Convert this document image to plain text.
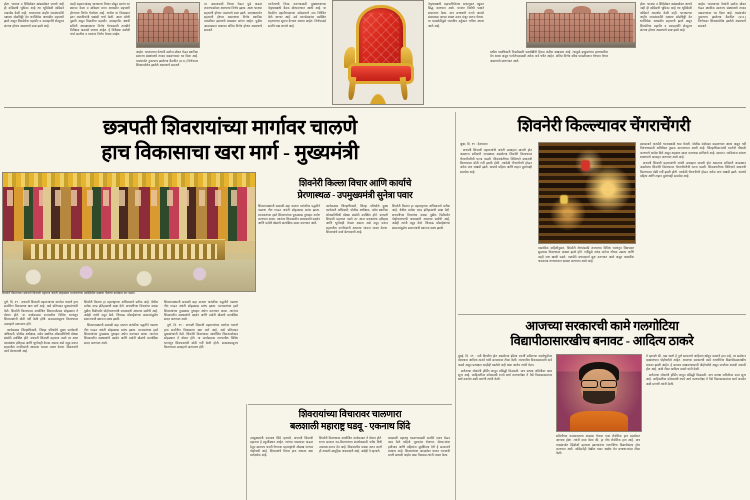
होता. भाजपा व शिंदेंसोबत खांद्यासोबत जायचे नाही ही काँग्रेसची भूमिका आहे त्या भूमिकेशी काँग्रेसने ताडजोड केली नाही. भाजपाच्या जाहीर जनसंपर्कांनी पक्षाला सोडचिठ्ठी देत धनंजिवेक आघाडीत सहभागी झाले असून शिवसेनेचा महापौर व उपमहापौरे शेवटुलर छंटाचा होणार असल्याचे स्पष्ट झाले आहे.

काही सहकाऱ्यांसह भाजपाचा विचार सोडून स्वतंत्र गट स्थापन केला व सविस्तर प्रगत आघाडीत सहभागी होण्याचा निर्णय घेतलेला आहे. गावील या विकासात इतर राजकीयांनी पक्षांशी चर्चा केली. आता कोणी पुढली असून मिळवीचा महापौर, उपमहापौर, स्थायी समिती अध्यक्षपदाचा निर्णय घेण्यासाठी तातडीने निरीक्षक पाठवले जाणार आहेत. हे निरीक्षक सर्वांशी चर्चा करतील व त्यानंतर निर्णय घेतला जाईल.

जाईल. भाजपाच्या नेत्यांनी सर्वांना सोबत घेऊन स्थानिक स्वराज्य संस्थांमध्ये ताकद वाढवण्यावर भर दिला आहे. यासंदर्भात नुकत्याच झालेल्या बैठकीत (प्र.प.) निर्णयावर शिक्कामोर्तब झालेले असल्याचे समजते.

ता. समाजवादी विचार घेऊन पुढे पाऊल टाकण्यासोबत आल्याचा निर्णय झाला. आता भाजपा सहभागी होणार नसल्याचे स्पष्ट झाले. सत्तास्थापनेत सहभागी होणार असल्याचा निर्णय स्थानिक पातळीवर झाल्याचे खासदार सांगत आहेत. पुढील आठवड्यात याबाबत अंतिम निर्णय होणार असल्याचे समजते.

गटनेत्याची निवड करण्यासाठी मुख्यालयाच्या नेतृत्वाखाली बैठक बोलावण्यात आली आहे. या बैठकीत महापौरपदाच्या उमेदवाराचे नाव निश्चित केले जाणार आहे. सर्व नगरसेवकांना उपस्थित राहण्याच्या सूचना देण्यात आल्या आहेत. निर्णयाकडे सर्वांचे लक्ष लागले आहे.

नेतृत्वाखाली महापालिकेच्या सभागृहात बहुमत सिद्ध करण्यात आले. यानंतर विरोधी पक्षाने सभात्याग केला. मात्र सत्ताधारी गटाने आपले संख्याबळ कायम राखत ठराव मंजूर करून घेतला. या घडामोडींमुळे राजकीय वर्तुळात चर्चेला उधाण आले आहे.

मधील पदाधिकारी निवडीसाठी पक्षश्रेष्ठींनी हिरवा कंदील दाखवला आहे. त्यामुळे इच्छुकांच्या हालचालींना वेग आला असून गटनेतेपदासाठी अनेक नावे चर्चेत आहेत. अंतिम निर्णय वरिष्ठ पातळीवरून घेण्यात येणार असल्याचे सांगण्यात आले.

होता. भाजपा व शिंदेंसोबत खांद्यासोबत जायचे नाही ही काँग्रेसची भूमिका आहे त्या भूमिकेशी काँग्रेसने ताडजोड केली नाही. भाजपाच्या जाहीर जनसंपर्कांनी पक्षाला सोडचिठ्ठी देत धनंजिवेक आघाडीत सहभागी झाले असून शिवसेनेचा महापौर व उपमहापौरे शेवटुलर छंटाचा होणार असल्याचे स्पष्ट झाले आहे.

जाईल. भाजपाच्या नेत्यांनी सर्वांना सोबत घेऊन स्थानिक स्वराज्य संस्थांमध्ये ताकद वाढवण्यावर भर दिला आहे. यासंदर्भात नुकत्याच झालेल्या बैठकीत (प्र.प.) निर्णयावर शिक्कामोर्तब झालेले असल्याचे समजते.

छत्रपती शिवरायांच्या मार्गावर चालणे
हाच विकासाचा खरा मार्ग - मुख्यमंत्री
शिवनेरी किल्ला विचार आणि कार्याचे
प्रेरणास्थळ - उपमुख्यमंत्री सुनेत्रा पवार

शिवनेरी किल्ल्यावर छत्रपती शिवाजी महाराज जयंती सोहळ्यात मान्यवरांच्या उपस्थितीत पाळणा गीताचा कार्यक्रम पार पडला.

शिवजन्मस्थानी सकाळी सहा वाजता पारंपरिक पद्धतीने पाळणा गीत गाऊन जयंती सोहळ्यास प्रारंभ झाला. मान्यवरांच्या हस्ते शिवरायांच्या पुतळ्यास पुष्पहार अर्पण करण्यात आला. त्यानंतर शिवकालीन शस्त्रास्त्रांचे प्रदर्शन आणि मर्दानी खेळांचे प्रात्यक्षिक सादर करण्यात आले.

कार्यक्रमास जिल्हाधिकारी, जिल्हा परिषदेचे मुख्य कार्यकारी अधिकारी, पोलीस अधीक्षक, तसेच स्थानिक लोकप्रतिनिधी मोठ्या संख्येने उपस्थित होते. छत्रपती शिवाजी महाराज नसते तर आज मराठ्यांचा इतिहास आणि भूगोलही वेगळा असता असे नमूद करून शहरातील नागरिकांनी आपल्या भावना व्यक्त केल्या. शिवरायांचे कार्य प्रेरणादायी आहे.

शिवनेरी किल्ला हा महाराष्ट्राच्या अभिमानाचे प्रतीक आहे. येथील प्रत्येक दगड इतिहासाची साक्ष देतो. छत्रपतींच्या विचारांचा वारसा पुढील पिढीपर्यंत पोहोचवण्याची जबाबदारी आपल्या सर्वांची आहे, असेही त्यांनी नमूद केले. जिजाऊ माँसाहेबांच्या संस्कारांमुळेच स्वराज्याची स्थापना शक्य झाली.

पुणे, दि. १९ : छत्रपती शिवाजी महाराजांच्या मार्गावर चालणे हाच सर्वांगीण विकासाचा खरा मार्ग आहे, असे प्रतिपादन मुख्यमंत्र्यांनी केले. शिवनेरी किल्ल्यावर आयोजित शिवजन्मोत्सव सोहळ्यात ते बोलत होते. या कार्यक्रमास राज्यातील विविध भागांतून शिवभक्तांनी मोठी गर्दी केली होती. सकाळपासूनच किल्ल्यावर उत्साहाचे वातावरण होते.

कार्यक्रमास जिल्हाधिकारी, जिल्हा परिषदेचे मुख्य कार्यकारी अधिकारी, पोलीस अधीक्षक, तसेच स्थानिक लोकप्रतिनिधी मोठ्या संख्येने उपस्थित होते. छत्रपती शिवाजी महाराज नसते तर आज मराठ्यांचा इतिहास आणि भूगोलही वेगळा असता असे नमूद करून शहरातील नागरिकांनी आपल्या भावना व्यक्त केल्या. शिवरायांचे कार्य प्रेरणादायी आहे.

शिवनेरी किल्ला हा महाराष्ट्राच्या अभिमानाचे प्रतीक आहे. येथील प्रत्येक दगड इतिहासाची साक्ष देतो. छत्रपतींच्या विचारांचा वारसा पुढील पिढीपर्यंत पोहोचवण्याची जबाबदारी आपल्या सर्वांची आहे, असेही त्यांनी नमूद केले. जिजाऊ माँसाहेबांच्या संस्कारांमुळेच स्वराज्याची स्थापना शक्य झाली.

शिवजन्मस्थानी सकाळी सहा वाजता पारंपरिक पद्धतीने पाळणा गीत गाऊन जयंती सोहळ्यास प्रारंभ झाला. मान्यवरांच्या हस्ते शिवरायांच्या पुतळ्यास पुष्पहार अर्पण करण्यात आला. त्यानंतर शिवकालीन शस्त्रास्त्रांचे प्रदर्शन आणि मर्दानी खेळांचे प्रात्यक्षिक सादर करण्यात आले.

शिवजन्मस्थानी सकाळी सहा वाजता पारंपरिक पद्धतीने पाळणा गीत गाऊन जयंती सोहळ्यास प्रारंभ झाला. मान्यवरांच्या हस्ते शिवरायांच्या पुतळ्यास पुष्पहार अर्पण करण्यात आला. त्यानंतर शिवकालीन शस्त्रास्त्रांचे प्रदर्शन आणि मर्दानी खेळांचे प्रात्यक्षिक सादर करण्यात आले.

पुणे, दि. १९ : छत्रपती शिवाजी महाराजांच्या मार्गावर चालणे हाच सर्वांगीण विकासाचा खरा मार्ग आहे, असे प्रतिपादन मुख्यमंत्र्यांनी केले. शिवनेरी किल्ल्यावर आयोजित शिवजन्मोत्सव सोहळ्यात ते बोलत होते. या कार्यक्रमास राज्यातील विविध भागांतून शिवभक्तांनी मोठी गर्दी केली होती. सकाळपासूनच किल्ल्यावर उत्साहाचे वातावरण होते.

शिवरायांच्या विचारावर चालणारा
बलशाली महाराष्ट्र घडवू - एकनाथ शिंदे

उपमुख्यमंत्री एकनाथ शिंदे म्हणाले, छत्रपती शिवाजी महाराज हे स्फूर्तीस्थान आहेत. त्यांच्या पावलावर पाऊल ठेवून स्वराज्य भरारी घेणाऱ्या महाराष्ट्राची ओळख जगभर पोहोचली आहे. शिवरायांचे विचार हाच आपला खरा मार्गदर्शक आहे.

शिवनेरी किल्ल्यावर आयोजित कार्यक्रमात ते बोलत होते. राज्य सरकार गड-किल्ल्यांच्या संवर्धनासाठी भरीव निधी उपलब्ध करून देत आहे. शिवकालीन वारसा जतन करणे ही आपली सामूहिक जबाबदारी आहे, असेही ते म्हणाले.

बलशाली महाराष्ट्र घडवण्यासाठी सर्वांनी एकत्र येऊन काम केले पाहिजे. युवकांना रोजगार, शेतकऱ्यांना हमीभाव आणि महिलांना सुरक्षितता देणे हे सरकारचे प्राधान्य आहे. शिवरायांच्या आदर्शावर चालत राज्याची प्रगती साधली जाईल असा विश्वास त्यांनी व्यक्त केला.

शिवनेरी किल्ल्यावर चेंगराचेंगरी

जुन्नर, दि. १९ : देशभरात

छत्रपती शिवाजी महाराजांची जयंती उत्साहात साजरी होत असताना शनिवारी जन्मस्थान असलेल्या शिवनेरी किल्ल्यावर चेंगराचेंगरीची घटना घडली. शिवजयंतीच्या निमित्ताने मध्यरात्री किल्ल्यावर मोठी गर्दी झाली होती. त्यावेळी चेंगराचेंगरी होऊन अनेक जण जखमी झाले. यामध्ये महिला आणि लहान मुलांचाही समावेश आहे.

वास्तविक माहितीनुसार, शिवनेरी लेण्यांसाठी राज्याच्या विविध भागांतून शिवभक्त सुमारास किल्ल्यावर दाखल झाले होते. गर्दीमुळे अरुंद वाटेवर गोंधळ उडाला आणि काही जण खाली पडले. तातडीने बचावकार्य सुरू करण्यात आले असून जखमींना जवळच्या रुग्णालयात दाखल करण्यात आले आहे.

प्रशासनाने तातडीने घटनास्थळी धाव घेतली. पोलीस बंदोबस्त वाढवण्यात आला असून गर्दी नियंत्रणासाठी अतिरिक्त कुमक मागवण्यात आली आहे. जिल्हाधिकाऱ्यांनी घटनेची चौकशी करण्याचे आदेश दिले असून अहवाल सादर करण्यास सांगितले आहे. दरम्यान, भाविकांना शांतता राखण्याचे आवाहन करण्यात आले आहे.

छत्रपती शिवाजी महाराजांची जयंती उत्साहात साजरी होत असताना शनिवारी जन्मस्थान असलेल्या शिवनेरी किल्ल्यावर चेंगराचेंगरीची घटना घडली. शिवजयंतीच्या निमित्ताने मध्यरात्री किल्ल्यावर मोठी गर्दी झाली होती. त्यावेळी चेंगराचेंगरी होऊन अनेक जण जखमी झाले. यामध्ये महिला आणि लहान मुलांचाही समावेश आहे.

आजच्या सरकारची कामे गलगोटिया
विद्यापीठासारखीच बनावट - आदित्य ठाकरे

मुंबई, दि. १९ : नवी दिल्लीत होत असलेल्या इंडिया एनर्जी समिटच्या पार्श्वभूमीवर बोलताना आदित्य ठाकरे यांनी सरकारवर टीका केली. राज्यातील विकासकामांचे दावे फसवे असून प्रत्यक्षात काहीही घडलेले नाही असा आरोप त्यांनी केला.

सत्तेतल्या लोकांनी होर्डिंग लावून प्रसिद्धी मिळवली. मात्र प्रत्यक्ष जमिनीवर काम शून्य आहे. जाहिरातींवर कोट्यवधी रुपये खर्च करण्यापेक्षा ते पैसे विकासकामांवर खर्च करावेत अशी मागणी त्यांनी केली.

समितीच्या कामकाजाचा आढावा घेताना एका रोबोटिक हात प्रदर्शनात आणला होता. त्यांनी दावा केला की, हा तोच रोबोटिक हात आहे. मात्र त्यासंदर्भात व्हिडीओ व्हायरल झाल्यानंतर गलगोटिया विद्यापीठाला ट्रोल करण्यात आले. काँग्रेसनेही देखील यावर आक्षेप घेत सत्ताधाऱ्यांवर टीका केली.

ते म्हणाले की, बढा जातो हे पूर्ण सरकारचे जाहिरात खोटून कामाचे हात नव्हे, तर समोरून दाखवण्यात पोहोचलेले आहेत. आजच्या सरकारची कामे गलगोटिया विद्यापीठासारखीच बनावट झाली आहेत. हे सरकार दाखवण्यासाठी पोहोचलेले असून जनतेला आठवी नाकारी होत आहे, अशी टीका आदित्य ठाकरे यांनी केली.

सत्तेतल्या लोकांनी होर्डिंग लावून प्रसिद्धी मिळवली. मात्र प्रत्यक्ष जमिनीवर काम शून्य आहे. जाहिरातींवर कोट्यवधी रुपये खर्च करण्यापेक्षा ते पैसे विकासकामांवर खर्च करावेत अशी मागणी त्यांनी केली.
